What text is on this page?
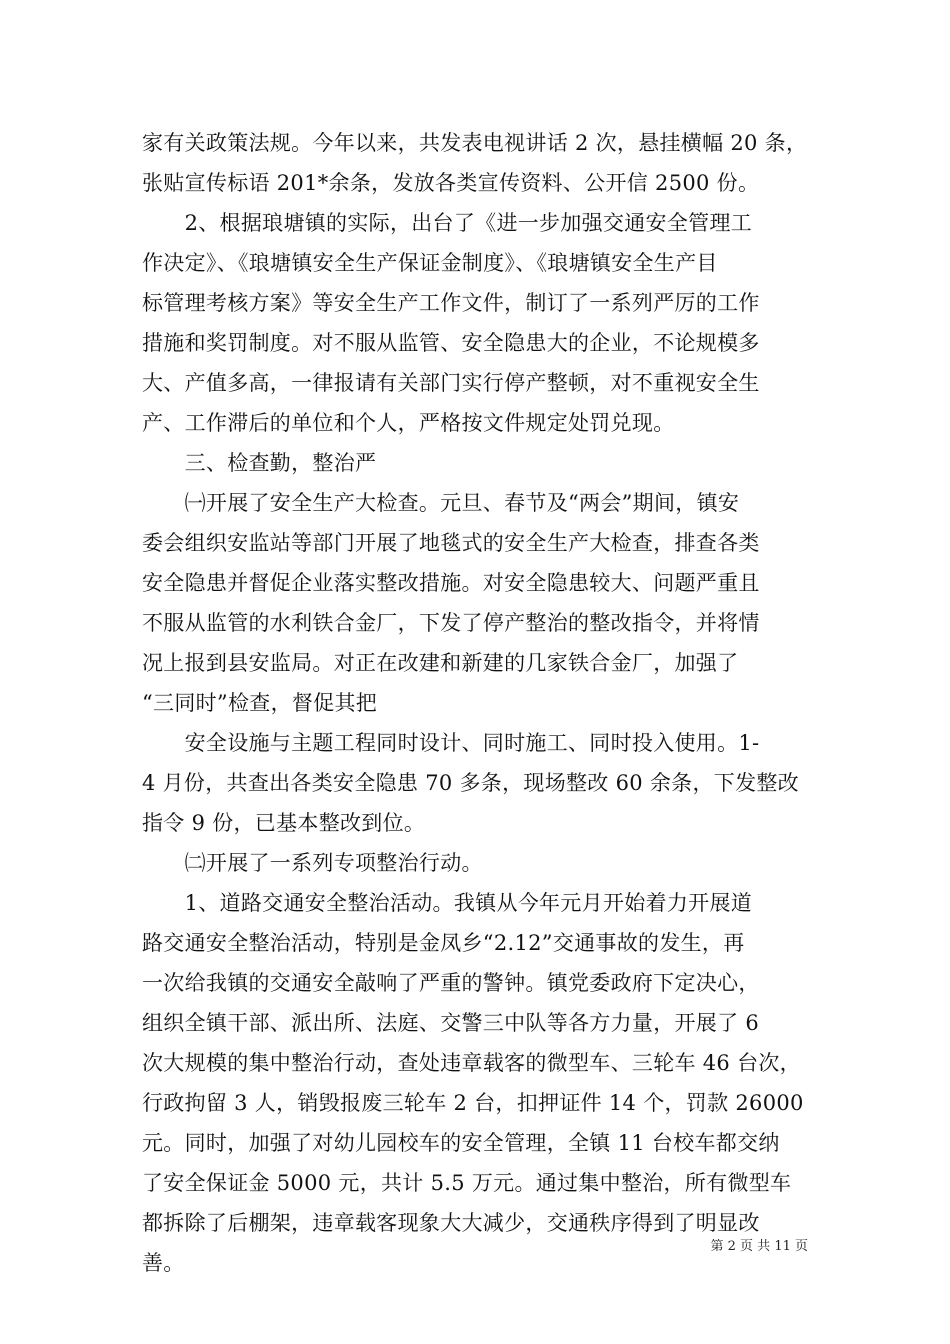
家有关政策法规。今年以来，共发表电视讲话 2 次，悬挂横幅 20 条，
张贴宣传标语 201*余条，发放各类宣传资料、公开信 2500 份。
　　2、根据琅塘镇的实际，出台了《进一步加强交通安全管理工
作决定》、《琅塘镇安全生产保证金制度》、《琅塘镇安全生产目
标管理考核方案》等安全生产工作文件，制订了一系列严厉的工作
措施和奖罚制度。对不服从监管、安全隐患大的企业，不论规模多
大、产值多高，一律报请有关部门实行停产整顿，对不重视安全生
产、工作滞后的单位和个人，严格按文件规定处罚兑现。
　　三、检查勤，整治严
　　㈠开展了安全生产大检查。元旦、春节及“两会”期间，镇安
委会组织安监站等部门开展了地毯式的安全生产大检查，排查各类
安全隐患并督促企业落实整改措施。对安全隐患较大、问题严重且
不服从监管的水利铁合金厂，下发了停产整治的整改指令，并将情
况上报到县安监局。对正在改建和新建的几家铁合金厂，加强了
“三同时”检查，督促其把
　　安全设施与主题工程同时设计、同时施工、同时投入使用。1-
4 月份，共查出各类安全隐患 70 多条，现场整改 60 余条，下发整改
指令 9 份，已基本整改到位。
　　㈡开展了一系列专项整治行动。
　　1、道路交通安全整治活动。我镇从今年元月开始着力开展道
路交通安全整治活动，特别是金凤乡“2.12”交通事故的发生，再
一次给我镇的交通安全敲响了严重的警钟。镇党委政府下定决心，
组织全镇干部、派出所、法庭、交警三中队等各方力量，开展了 6
次大规模的集中整治行动，查处违章载客的微型车、三轮车 46 台次，
行政拘留 3 人，销毁报废三轮车 2 台，扣押证件 14 个，罚款 26000
元。同时，加强了对幼儿园校车的安全管理，全镇 11 台校车都交纳
了安全保证金 5000 元，共计 5.5 万元。通过集中整治，所有微型车
都拆除了后棚架，违章载客现象大大减少，交通秩序得到了明显改
善。
第 2 页 共 11 页
